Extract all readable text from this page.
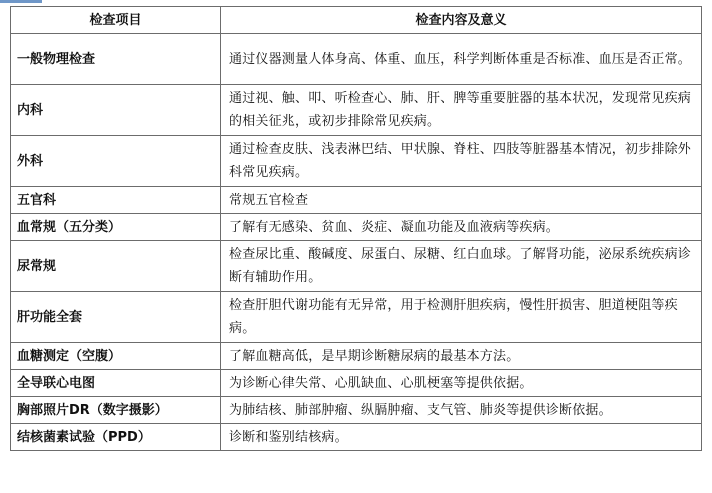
检查项目	检查内容及意义
一般物理检查	通过仪器测量人体身高、体重、血压，科学判断体重是否标准、血压是否正常。
内科	通过视、触、叩、听检查心、肺、肝、脾等重要脏器的基本状况，发现常见疾病的相关征兆，或初步排除常见疾病。
外科	通过检查皮肤、浅表淋巴结、甲状腺、脊柱、四肢等脏器基本情况，初步排除外科常见疾病。
五官科	常规五官检查
血常规（五分类）	了解有无感染、贫血、炎症、凝血功能及血液病等疾病。
尿常规	检查尿比重、酸碱度、尿蛋白、尿糖、红白血球。了解肾功能，泌尿系统疾病诊断有辅助作用。
肝功能全套	检查肝胆代谢功能有无异常，用于检测肝胆疾病，慢性肝损害、胆道梗阻等疾病。
血糖测定（空腹）	了解血糖高低，是早期诊断糖尿病的最基本方法。
全导联心电图	为诊断心律失常、心肌缺血、心肌梗塞等提供依据。
胸部照片DR（数字摄影）	为肺结核、肺部肿瘤、纵膈肿瘤、支气管、肺炎等提供诊断依据。
结核菌素试验（PPD）	诊断和鉴别结核病。
